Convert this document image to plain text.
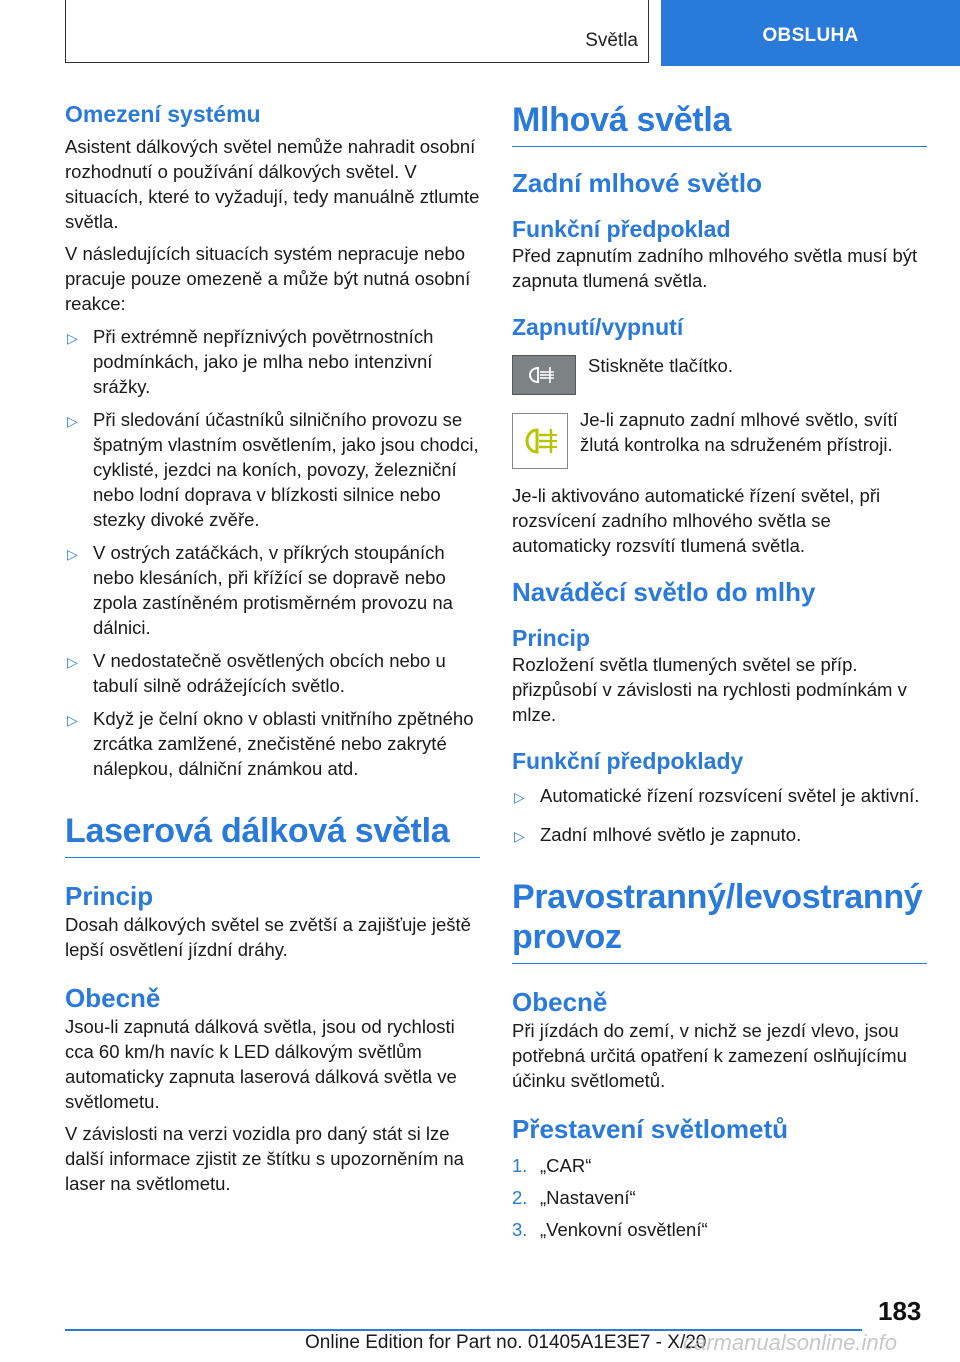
Světla	OBSLUHA
Omezení systému

Asistent dálkových světel nemůže nahradit osobní rozhodnutí o používání dálkových světel. V situacích, které to vyžadují, tedy manuálně ztlumte světla.

V následujících situacích systém nepracuje nebo pracuje pouze omezeně a může být nutná osobní reakce:

▷ Při extrémně nepříznivých povětrnostních podmínkách, jako je mlha nebo intenzivní srážky.
▷ Při sledování účastníků silničního provozu se špatným vlastním osvětlením, jako jsou chodci, cyklisté, jezdci na koních, povozy, železniční nebo lodní doprava v blízkosti silnice nebo stezky divoké zvěře.
▷ V ostrých zatáčkách, v příkrých stoupáních nebo klesáních, při křížící se dopravě nebo zpola zastíněném protisměrném provozu na dálnici.
▷ V nedostatečně osvětlených obcích nebo u tabulí silně odrážejících světlo.
▷ Když je čelní okno v oblasti vnitřního zpětného zrcátka zamlžené, znečistěné nebo zakryté nálepkou, dálniční známkou atd.
Laserová dálková světla
Princip

Dosah dálkových světel se zvětší a zajišťuje ještě lepší osvětlení jízdní dráhy.

Obecně

Jsou-li zapnutá dálková světla, jsou od rychlosti cca 60 km/h navíc k LED dálkovým světlům automaticky zapnuta laserová dálková světla ve světlometu.

V závislosti na verzi vozidla pro daný stát si lze další informace zjistit ze štítku s upozorněním na laser na světlometu.

Mlhová světla
Zadní mlhové světlo
Funkční předpoklad

Před zapnutím zadního mlhového světla musí být zapnuta tlumená světla.

Zapnutí/vypnutí

Stiskněte tlačítko.

Je-li zapnuto zadní mlhové světlo, svítí žlutá kontrolka na sdruženém přístroji.

Je-li aktivováno automatické řízení světel, při rozsvícení zadního mlhového světla se automaticky rozsvítí tlumená světla.

Naváděcí světlo do mlhy
Princip

Rozložení světla tlumených světel se příp. přizpůsobí v závislosti na rychlosti podmínkám v mlze.

Funkční předpoklady
▷ Automatické řízení rozsvícení světel je aktivní.
▷ Zadní mlhové světlo je zapnuto.
Pravostranný/levostranný provoz
Obecně

Při jízdách do zemí, v nichž se jezdí vlevo, jsou potřebná určitá opatření k zamezení oslňujícímu účinku světlometů.

Přestavení světlometů
1. „CAR“
2. „Nastavení“
3. „Venkovní osvětlení“
183
Online Edition for Part no. 01405A1E3E7 - X/20
carmanualsonline.info
